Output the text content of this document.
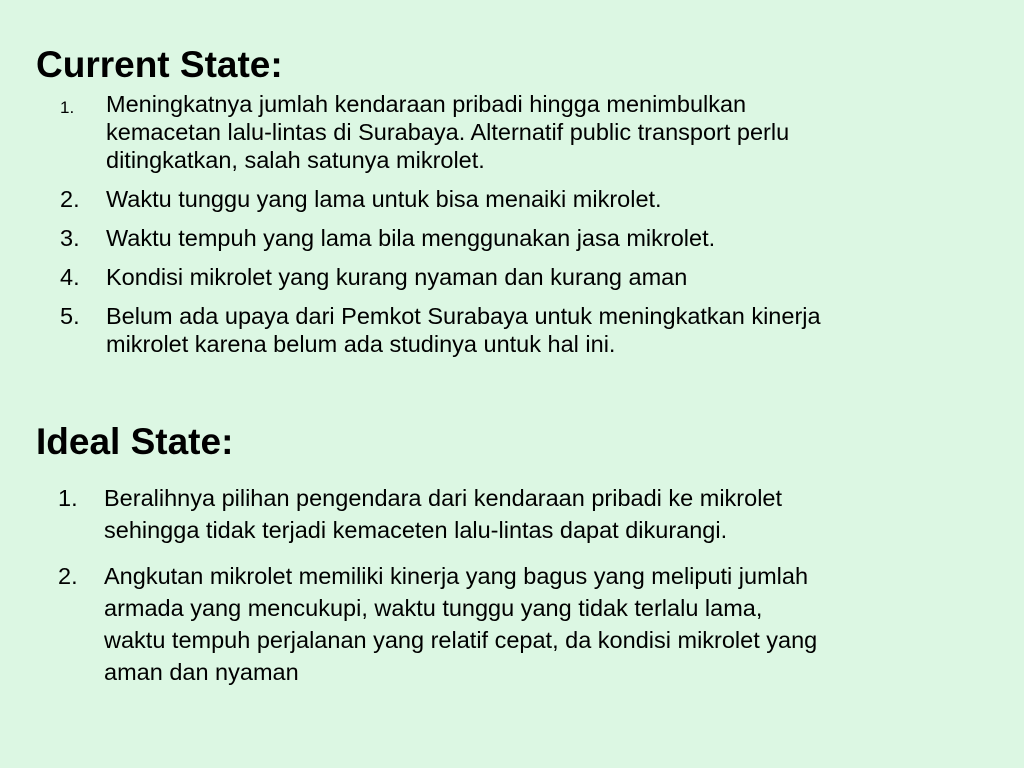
Current State:
1. Meningkatnya jumlah kendaraan pribadi hingga menimbulkan
kemacetan lalu-lintas di Surabaya. Alternatif public transport perlu
ditingkatkan, salah satunya mikrolet.
2. Waktu tunggu yang lama untuk bisa menaiki mikrolet.
3. Waktu tempuh yang lama bila menggunakan jasa mikrolet.
4. Kondisi mikrolet yang kurang nyaman dan kurang aman
5. Belum ada upaya dari Pemkot Surabaya untuk meningkatkan kinerja
mikrolet karena belum ada studinya untuk hal ini.
Ideal State:
1. Beralihnya pilihan pengendara dari kendaraan pribadi ke mikrolet
sehingga tidak terjadi kemaceten lalu-lintas dapat dikurangi.
2. Angkutan mikrolet memiliki kinerja yang bagus yang meliputi jumlah
armada yang mencukupi, waktu tunggu yang tidak terlalu lama,
waktu tempuh perjalanan yang relatif cepat, da kondisi mikrolet yang
aman dan nyaman
